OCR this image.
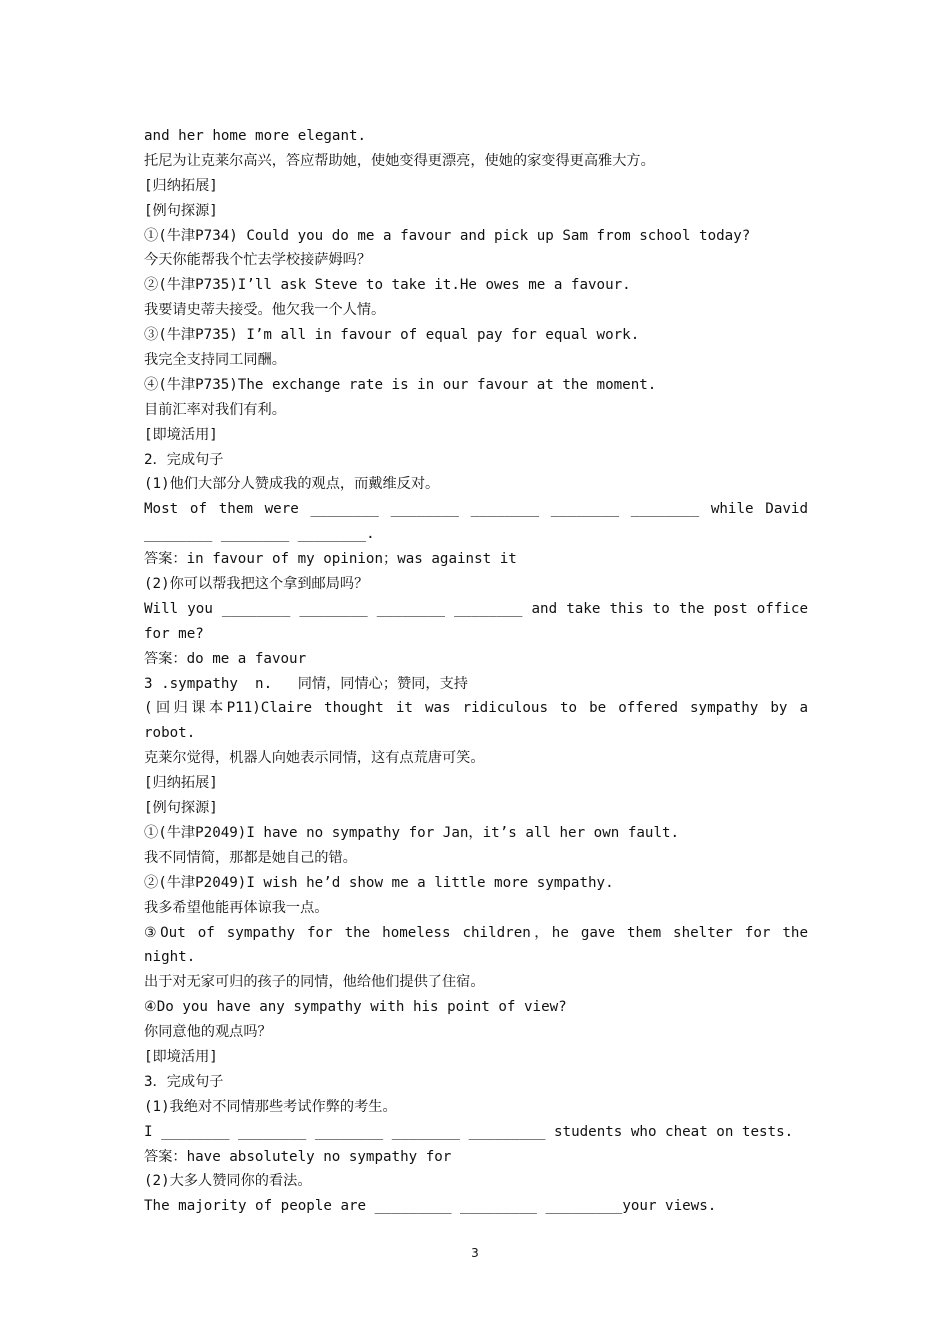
and her home more elegant.
托尼为让克莱尔高兴，答应帮助她，使她变得更漂亮，使她的家变得更高雅大方。
[归纳拓展]
[例句探源]
①(牛津P734) Could you do me a favour and pick up Sam from school today?
今天你能帮我个忙去学校接萨姆吗？
②(牛津P735)I’ll ask Steve to take it.He owes me a favour.
我要请史蒂夫接受。他欠我一个人情。
③(牛津P735) I’m all in favour of equal pay for equal work.
我完全支持同工同酬。
④(牛津P735)The exchange rate is in our favour at the moment.
目前汇率对我们有利。
[即境活用]
2．完成句子
(1)他们大部分人赞成我的观点，而戴维反对。
Most of them were ________ ________ ________ ________ ________ while David
________ ________ ________.
答案：in favour of my opinion；was against it
(2)你可以帮我把这个拿到邮局吗？
Will you ________ ________ ________ ________ and take this to the post office
for me?
答案：do me a favour
3 .sympathy  n.   同情，同情心；赞同，支持
(回归课本P11)Claire thought it was ridiculous to be offered sympathy by a
robot.
克莱尔觉得，机器人向她表示同情，这有点荒唐可笑。
[归纳拓展]
[例句探源]
①(牛津P2049)I have no sympathy for Jan，it’s all her own fault.
我不同情简，那都是她自己的错。
②(牛津P2049)I wish he’d show me a little more sympathy.
我多希望他能再体谅我一点。
③Out of sympathy for the homeless children，he gave them shelter for the
night.
出于对无家可归的孩子的同情，他给他们提供了住宿。
④Do you have any sympathy with his point of view?
你同意他的观点吗？
[即境活用]
3．完成句子
(1)我绝对不同情那些考试作弊的考生。
I ________ ________ ________ ________ _________ students who cheat on tests.
答案：have absolutely no sympathy for
(2)大多人赞同你的看法。
The majority of people are _________ _________ _________your views.
3
